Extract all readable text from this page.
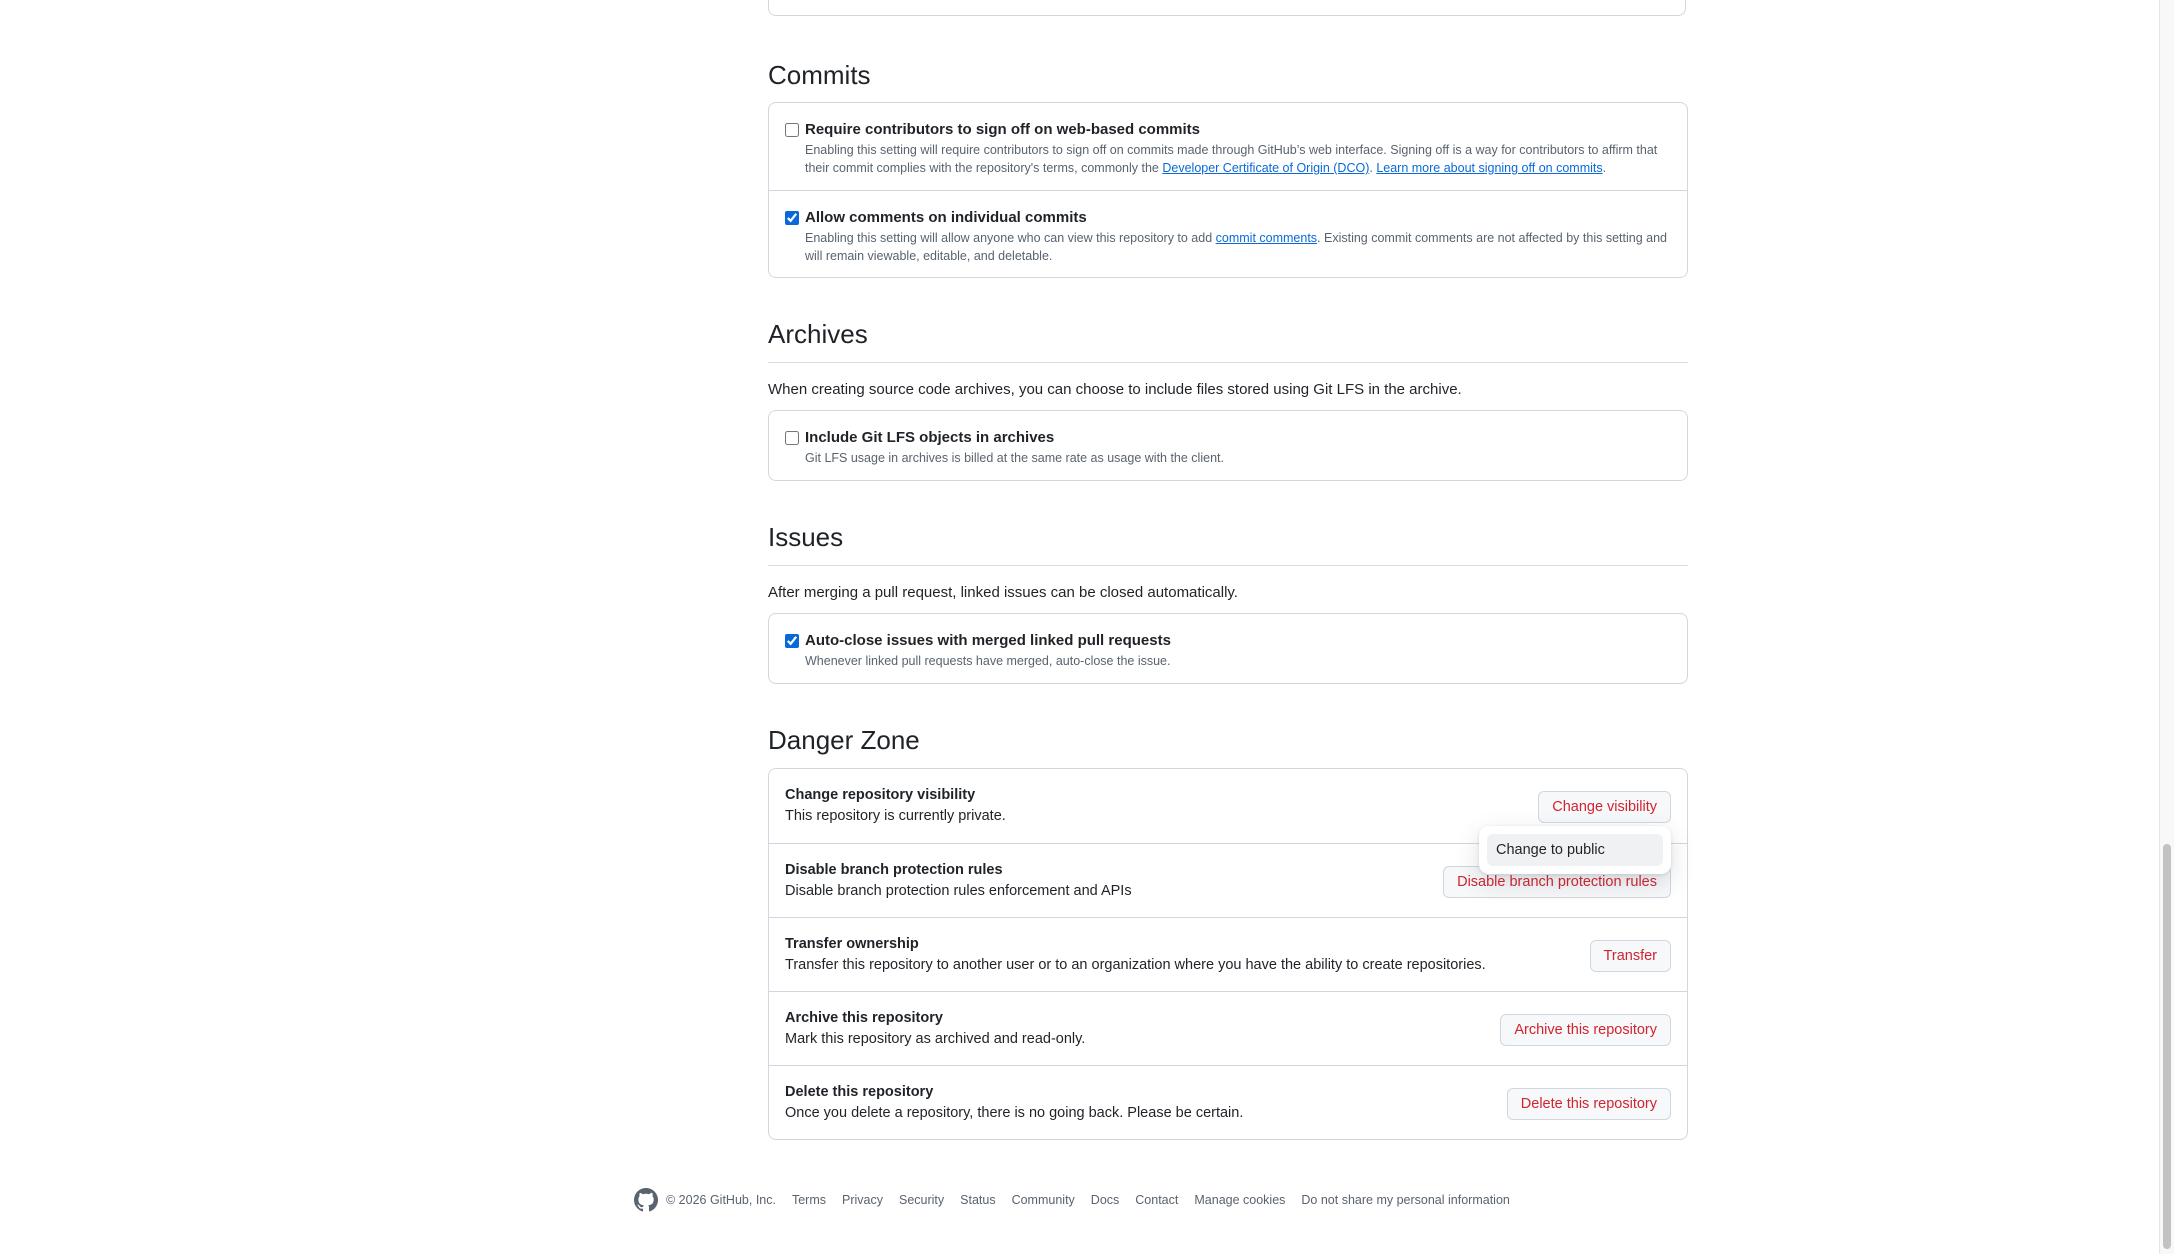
Commits
Require contributors to sign off on web-based commits
Enabling this setting will require contributors to sign off on commits made through GitHub’s web interface. Signing off is a way for contributors to affirm that their commit complies with the repository's terms, commonly the Developer Certificate of Origin (DCO). Learn more about signing off on commits.
Allow comments on individual commits
Enabling this setting will allow anyone who can view this repository to add commit comments. Existing commit comments are not affected by this setting and will remain viewable, editable, and deletable.
Archives
When creating source code archives, you can choose to include files stored using Git LFS in the archive.
Include Git LFS objects in archives
Git LFS usage in archives is billed at the same rate as usage with the client.
Issues
After merging a pull request, linked issues can be closed automatically.
Auto-close issues with merged linked pull requests
Whenever linked pull requests have merged, auto-close the issue.
Danger Zone
Change repository visibility
This repository is currently private.
Change visibility
Disable branch protection rules
Disable branch protection rules enforcement and APIs
Disable branch protection rules
Transfer ownership
Transfer this repository to another user or to an organization where you have the ability to create repositories.
Transfer
Archive this repository
Mark this repository as archived and read-only.
Archive this repository
Delete this repository
Once you delete a repository, there is no going back. Please be certain.
Delete this repository
Change to public
© 2026 GitHub, Inc. Terms Privacy Security Status Community Docs Contact Manage cookies Do not share my personal information
